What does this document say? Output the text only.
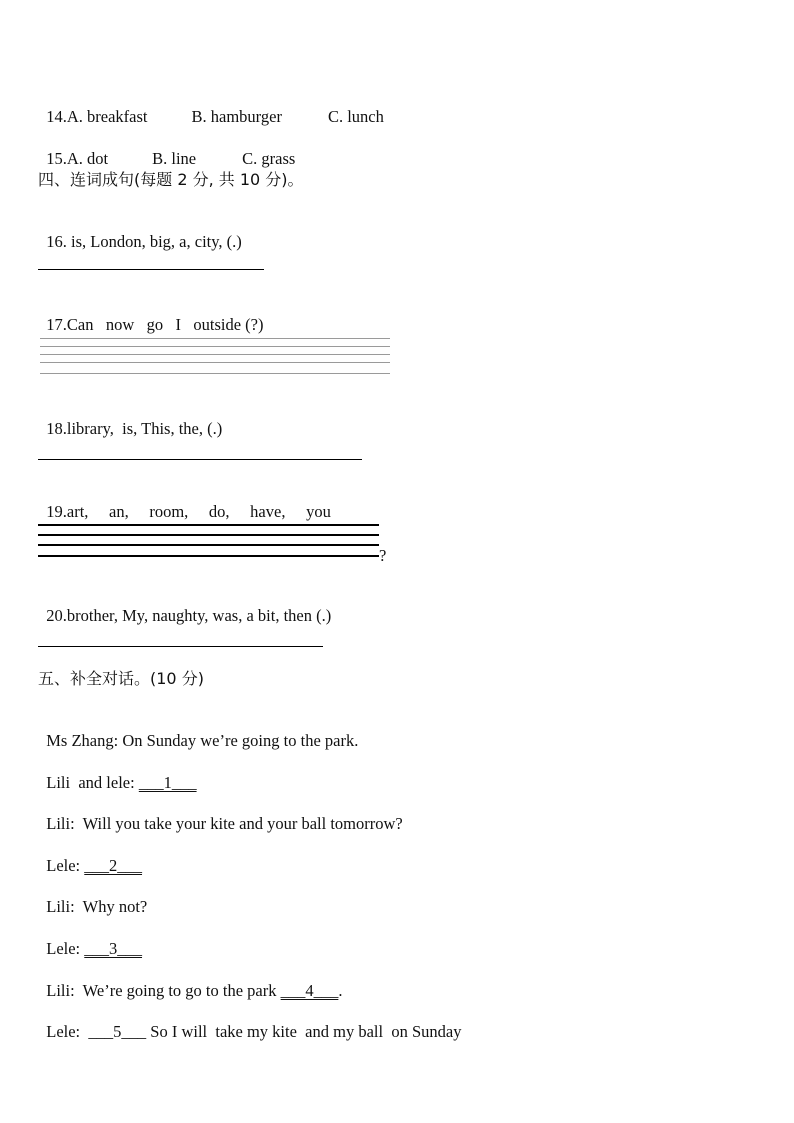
14.A. breakfast	B. hamburger	C. lunch

15.A. dot	B. line	C. grass

四、连词成句(每题 2 分, 共 10 分)。

16. is, London, big, a, city, (.)

17.Can   now   go   I   outside (?)

18.library,  is, This, the, (.)

19.art,     an,     room,     do,     have,     you

?

20.brother, My, naughty, was, a bit, then (.)

五、补全对话。(10 分)

Ms Zhang: On Sunday we’re going to the park.

Lili  and lele: ___1___

Lili:  Will you take your kite and your ball tomorrow?

Lele: ___2___

Lili:  Why not?

Lele: ___3___

Lili:  We’re going to go to the park ___4___.

Lele:  ___5___ So I will  take my kite  and my ball  on Sunday
